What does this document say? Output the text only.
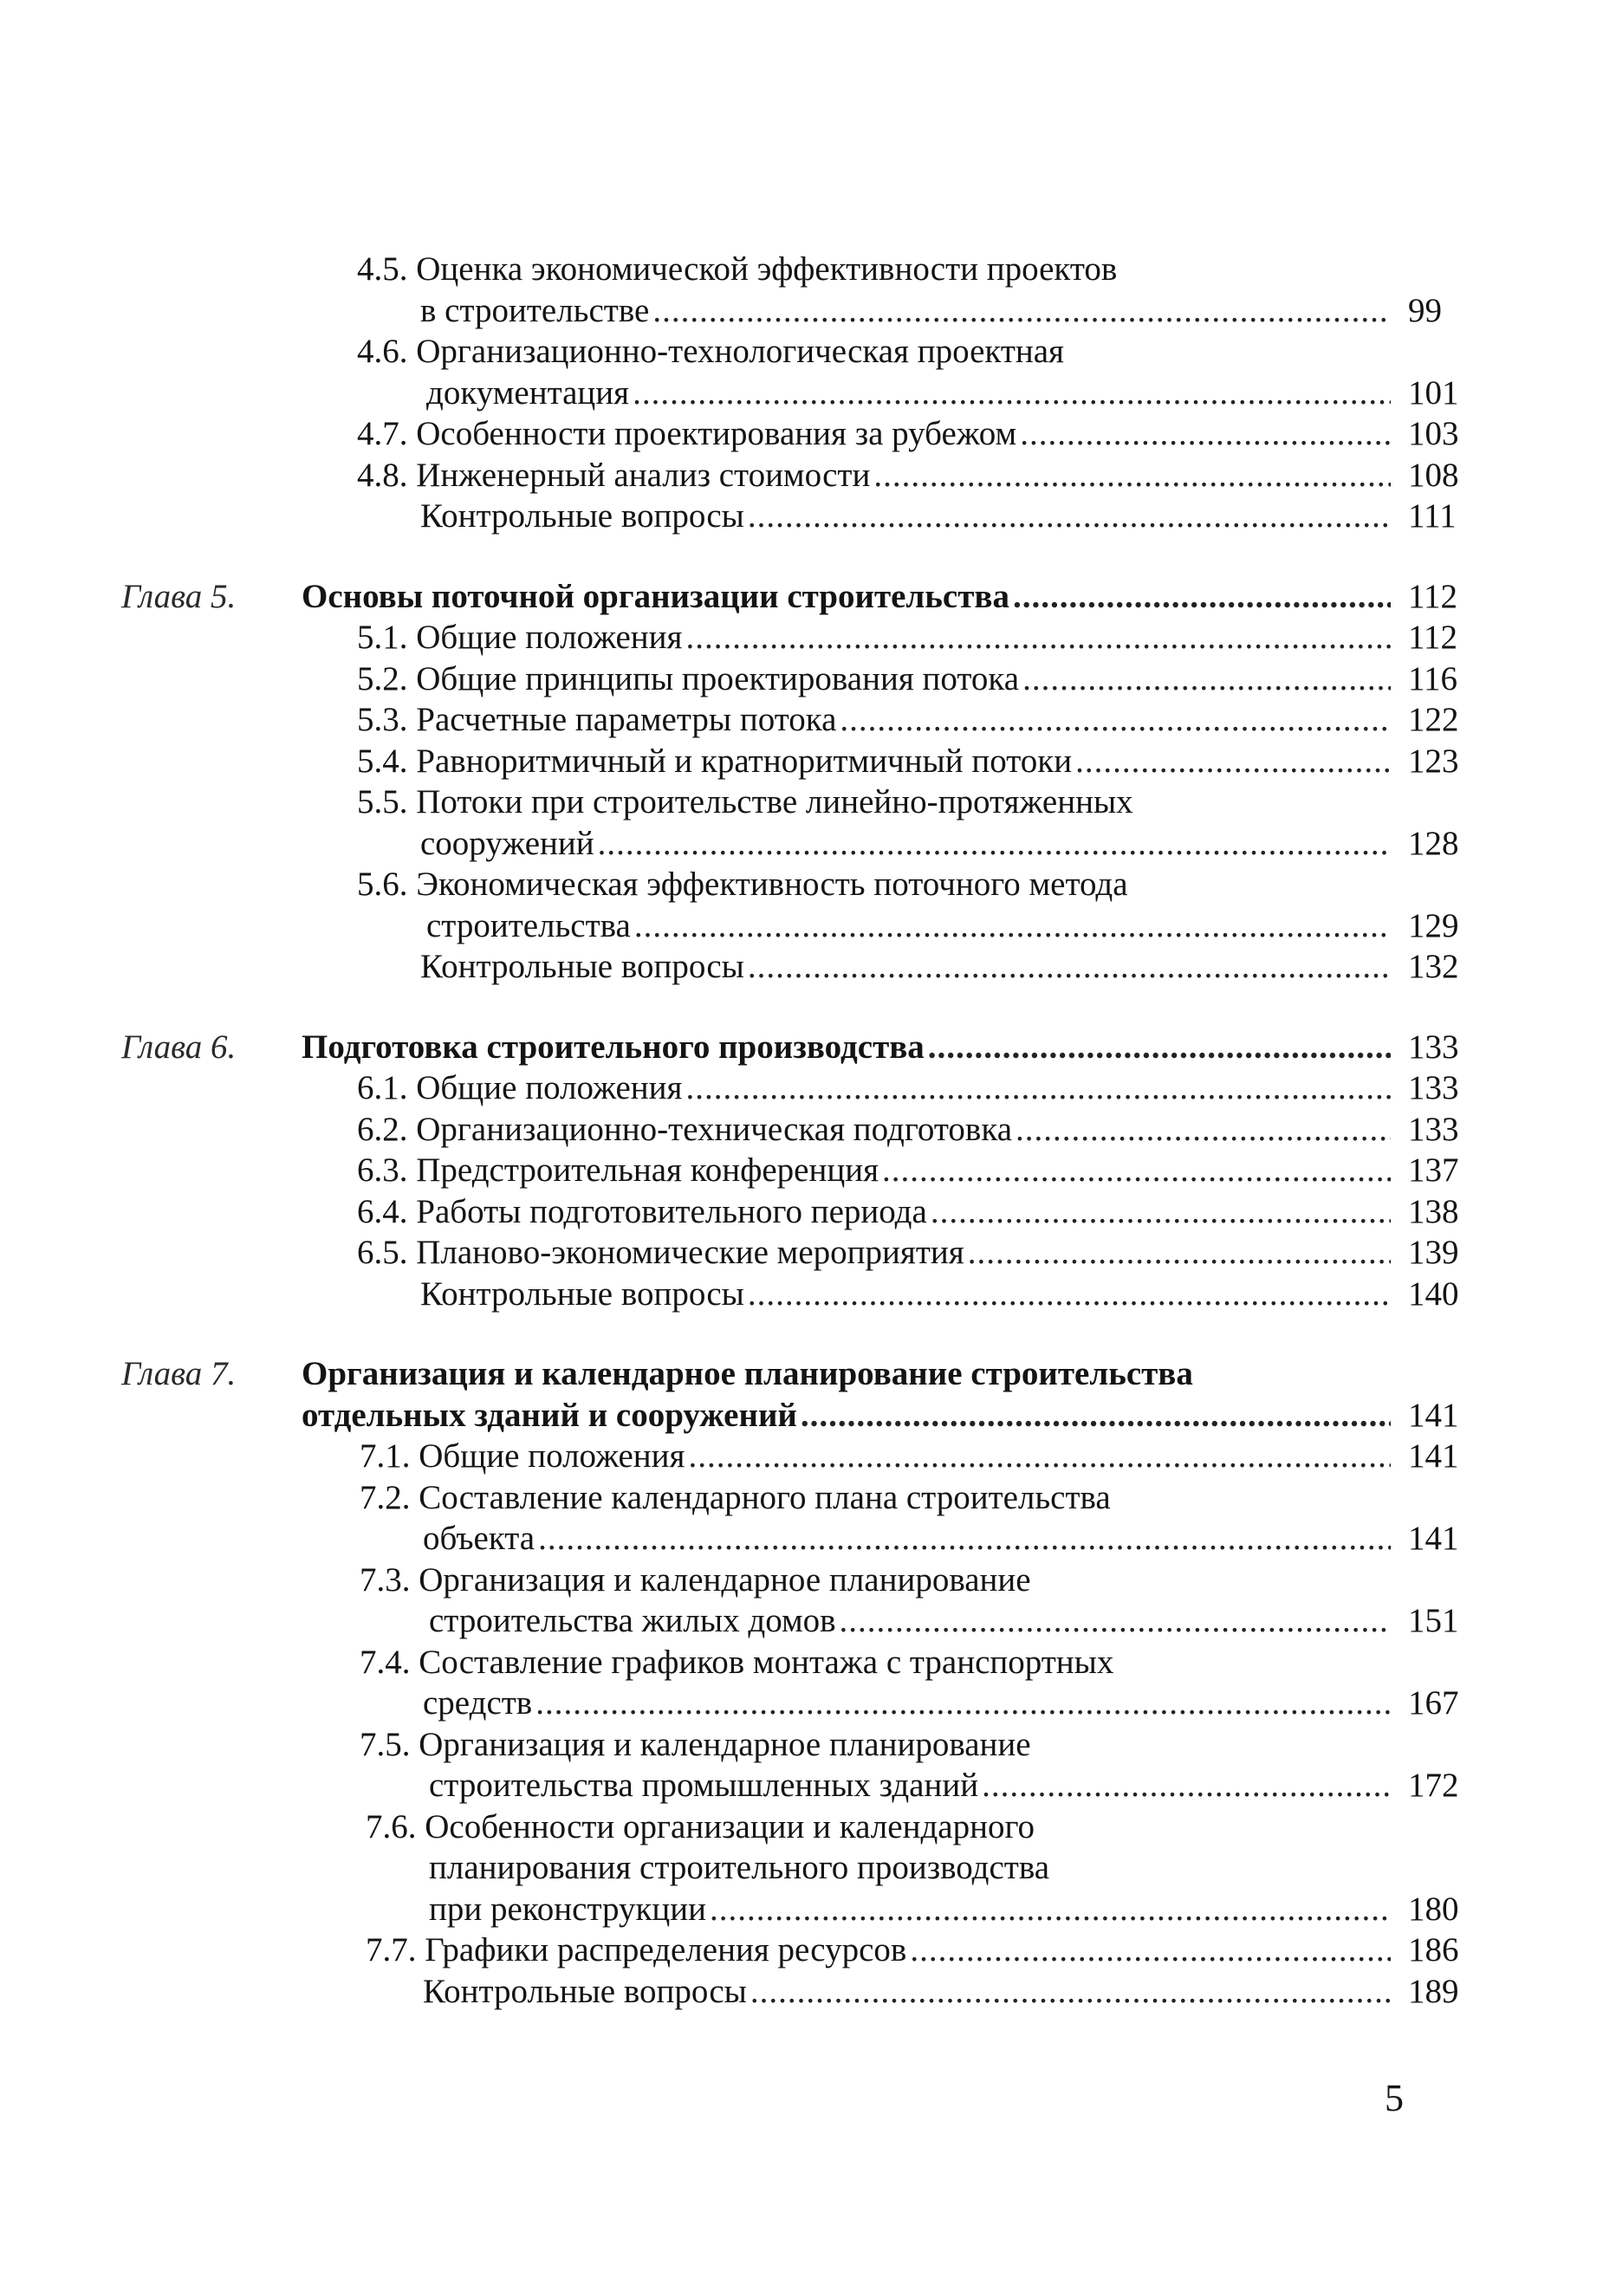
4.5. Оценка экономической эффективности проектов
в строительстве .....	99
4.6. Организационно-технологическая проектная
документация .....	101
4.7. Особенности проектирования за рубежом .....	103
4.8. Инженерный анализ стоимости .....	108
Контрольные вопросы .....	111
Глава 5. Основы поточной организации строительства .....	112
5.1. Общие положения .....	112
5.2. Общие принципы проектирования потока .....	116
5.3. Расчетные параметры потока .....	122
5.4. Равноритмичный и кратноритмичный потоки .....	123
5.5. Потоки при строительстве линейно-протяженных
сооружений .....	128
5.6. Экономическая эффективность поточного метода
строительства .....	129
Контрольные вопросы .....	132
Глава 6. Подготовка строительного производства .....	133
6.1. Общие положения .....	133
6.2. Организационно-техническая подготовка .....	133
6.3. Предстроительная конференция .....	137
6.4. Работы подготовительного периода .....	138
6.5. Планово-экономические мероприятия .....	139
Контрольные вопросы .....	140
Глава 7. Организация и календарное планирование строительства
отдельных зданий и сооружений .....	141
7.1. Общие положения .....	141
7.2. Составление календарного плана строительства
объекта .....	141
7.3. Организация и календарное планирование
строительства жилых домов .....	151
7.4. Составление графиков монтажа с транспортных
средств .....	167
7.5. Организация и календарное планирование
строительства промышленных зданий .....	172
7.6. Особенности организации и календарного
планирования строительного производства
при реконструкции .....	180
7.7. Графики распределения ресурсов .....	186
Контрольные вопросы .....	189
5
